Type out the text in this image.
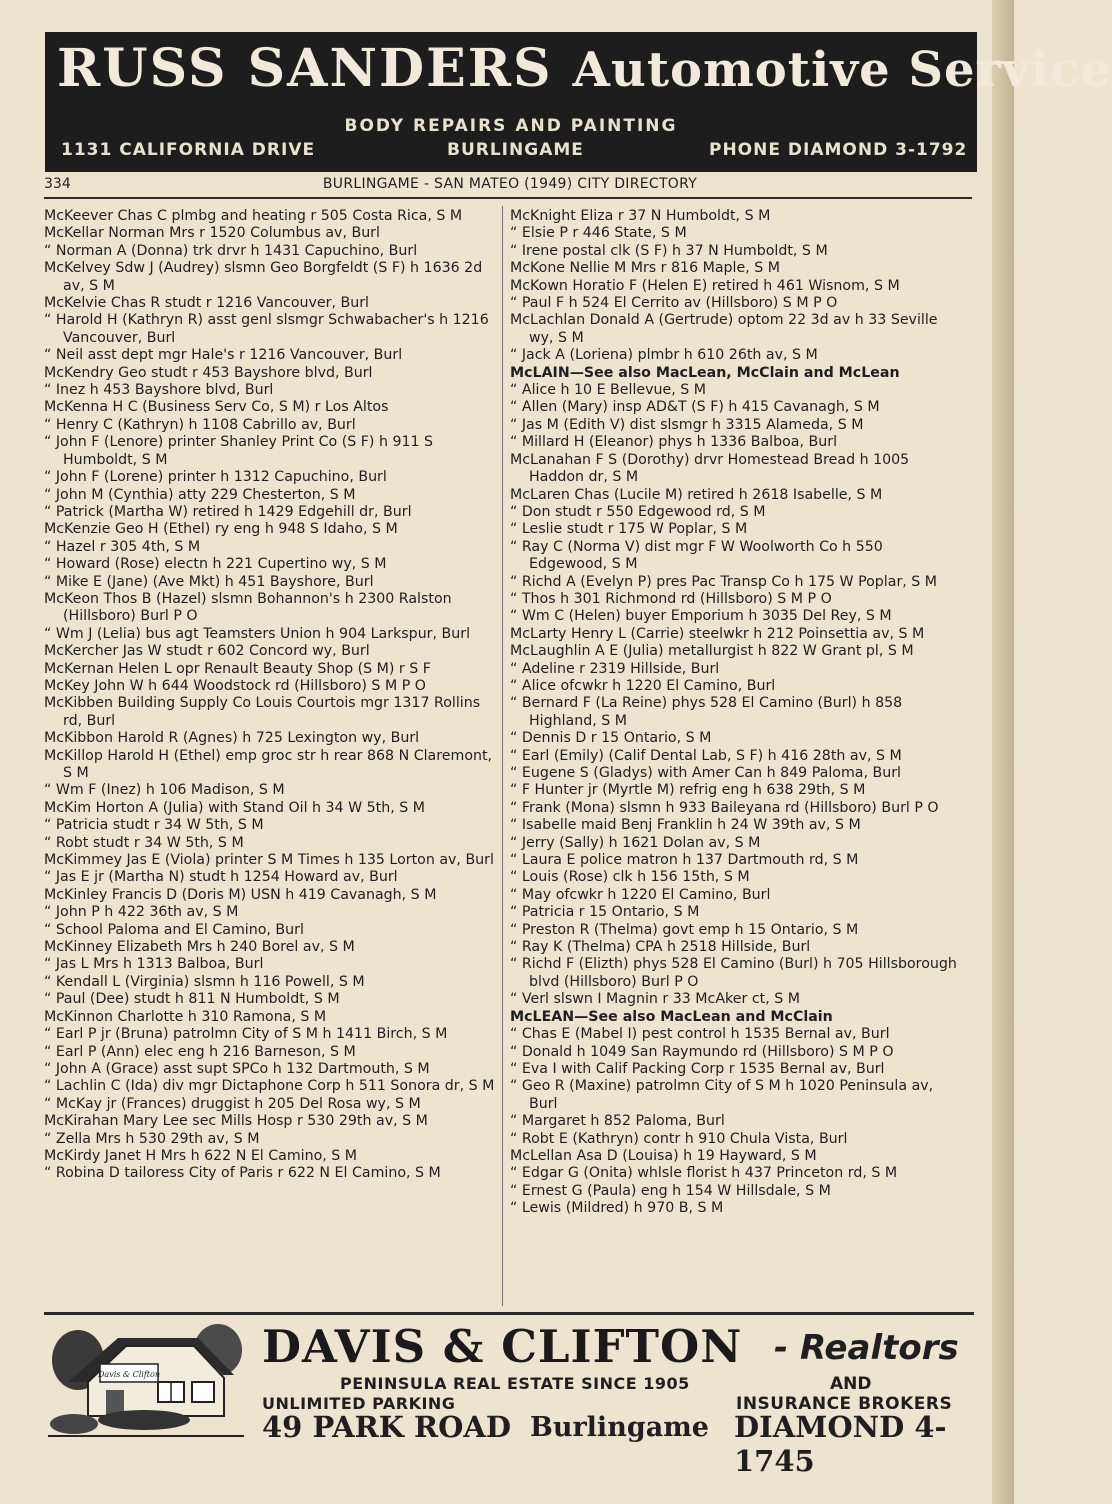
RUSS SANDERS Automotive Service
BODY REPAIRS AND PAINTING
1131 CALIFORNIA DRIVE	BURLINGAME	PHONE DIAMOND 3-1792
334	BURLINGAME - SAN MATEO (1949) CITY DIRECTORY
McKeever Chas C plmbg and heating r 505 Costa Rica, S M
McKellar Norman Mrs r 1520 Columbus av, Burl
“ Norman A (Donna) trk drvr h 1431 Capuchino, Burl
McKelvey Sdw J (Audrey) slsmn Geo Borgfeldt (S F) h 1636 2d av, S M
McKelvie Chas R studt r 1216 Vancouver, Burl
“ Harold H (Kathryn R) asst genl slsmgr Schwabacher's h 1216 Vancouver, Burl
“ Neil asst dept mgr Hale's r 1216 Vancouver, Burl
McKendry Geo studt r 453 Bayshore blvd, Burl
“ Inez h 453 Bayshore blvd, Burl
McKenna H C (Business Serv Co, S M) r Los Altos
“ Henry C (Kathryn) h 1108 Cabrillo av, Burl
“ John F (Lenore) printer Shanley Print Co (S F) h 911 S Humboldt, S M
“ John F (Lorene) printer h 1312 Capuchino, Burl
“ John M (Cynthia) atty 229 Chesterton, S M
“ Patrick (Martha W) retired h 1429 Edgehill dr, Burl
McKenzie Geo H (Ethel) ry eng h 948 S Idaho, S M
“ Hazel r 305 4th, S M
“ Howard (Rose) electn h 221 Cupertino wy, S M
“ Mike E (Jane) (Ave Mkt) h 451 Bayshore, Burl
McKeon Thos B (Hazel) slsmn Bohannon's h 2300 Ralston (Hillsboro) Burl P O
“ Wm J (Lelia) bus agt Teamsters Union h 904 Larkspur, Burl
McKercher Jas W studt r 602 Concord wy, Burl
McKernan Helen L opr Renault Beauty Shop (S M) r S F
McKey John W h 644 Woodstock rd (Hillsboro) S M P O
McKibben Building Supply Co Louis Courtois mgr 1317 Rollins rd, Burl
McKibbon Harold R (Agnes) h 725 Lexington wy, Burl
McKillop Harold H (Ethel) emp groc str h rear 868 N Claremont, S M
“ Wm F (Inez) h 106 Madison, S M
McKim Horton A (Julia) with Stand Oil h 34 W 5th, S M
“ Patricia studt r 34 W 5th, S M
“ Robt studt r 34 W 5th, S M
McKimmey Jas E (Viola) printer S M Times h 135 Lorton av, Burl
“ Jas E jr (Martha N) studt h 1254 Howard av, Burl
McKinley Francis D (Doris M) USN h 419 Cavanagh, S M
“ John P h 422 36th av, S M
“ School Paloma and El Camino, Burl
McKinney Elizabeth Mrs h 240 Borel av, S M
“ Jas L Mrs h 1313 Balboa, Burl
“ Kendall L (Virginia) slsmn h 116 Powell, S M
“ Paul (Dee) studt h 811 N Humboldt, S M
McKinnon Charlotte h 310 Ramona, S M
“ Earl P jr (Bruna) patrolmn City of S M h 1411 Birch, S M
“ Earl P (Ann) elec eng h 216 Barneson, S M
“ John A (Grace) asst supt SPCo h 132 Dartmouth, S M
“ Lachlin C (Ida) div mgr Dictaphone Corp h 511 Sonora dr, S M
“ McKay jr (Frances) druggist h 205 Del Rosa wy, S M
McKirahan Mary Lee sec Mills Hosp r 530 29th av, S M
“ Zella Mrs h 530 29th av, S M
McKirdy Janet H Mrs h 622 N El Camino, S M
“ Robina D tailoress City of Paris r 622 N El Camino, S M
McKnight Eliza r 37 N Humboldt, S M
“ Elsie P r 446 State, S M
“ Irene postal clk (S F) h 37 N Humboldt, S M
McKone Nellie M Mrs r 816 Maple, S M
McKown Horatio F (Helen E) retired h 461 Wisnom, S M
“ Paul F h 524 El Cerrito av (Hillsboro) S M P O
McLachlan Donald A (Gertrude) optom 22 3d av h 33 Seville wy, S M
“ Jack A (Loriena) plmbr h 610 26th av, S M
McLAIN—See also MacLean, McClain and McLean
“ Alice h 10 E Bellevue, S M
“ Allen (Mary) insp AD&T (S F) h 415 Cavanagh, S M
“ Jas M (Edith V) dist slsmgr h 3315 Alameda, S M
“ Millard H (Eleanor) phys h 1336 Balboa, Burl
McLanahan F S (Dorothy) drvr Homestead Bread h 1005 Haddon dr, S M
McLaren Chas (Lucile M) retired h 2618 Isabelle, S M
“ Don studt r 550 Edgewood rd, S M
“ Leslie studt r 175 W Poplar, S M
“ Ray C (Norma V) dist mgr F W Woolworth Co h 550 Edgewood, S M
“ Richd A (Evelyn P) pres Pac Transp Co h 175 W Poplar, S M
“ Thos h 301 Richmond rd (Hillsboro) S M P O
“ Wm C (Helen) buyer Emporium h 3035 Del Rey, S M
McLarty Henry L (Carrie) steelwkr h 212 Poinsettia av, S M
McLaughlin A E (Julia) metallurgist h 822 W Grant pl, S M
“ Adeline r 2319 Hillside, Burl
“ Alice ofcwkr h 1220 El Camino, Burl
“ Bernard F (La Reine) phys 528 El Camino (Burl) h 858 Highland, S M
“ Dennis D r 15 Ontario, S M
“ Earl (Emily) (Calif Dental Lab, S F) h 416 28th av, S M
“ Eugene S (Gladys) with Amer Can h 849 Paloma, Burl
“ F Hunter jr (Myrtle M) refrig eng h 638 29th, S M
“ Frank (Mona) slsmn h 933 Baileyana rd (Hillsboro) Burl P O
“ Isabelle maid Benj Franklin h 24 W 39th av, S M
“ Jerry (Sally) h 1621 Dolan av, S M
“ Laura E police matron h 137 Dartmouth rd, S M
“ Louis (Rose) clk h 156 15th, S M
“ May ofcwkr h 1220 El Camino, Burl
“ Patricia r 15 Ontario, S M
“ Preston R (Thelma) govt emp h 15 Ontario, S M
“ Ray K (Thelma) CPA h 2518 Hillside, Burl
“ Richd F (Elizth) phys 528 El Camino (Burl) h 705 Hillsborough blvd (Hillsboro) Burl P O
“ Verl slswn I Magnin r 33 McAker ct, S M
McLEAN—See also MacLean and McClain
“ Chas E (Mabel I) pest control h 1535 Bernal av, Burl
“ Donald h 1049 San Raymundo rd (Hillsboro) S M P O
“ Eva I with Calif Packing Corp r 1535 Bernal av, Burl
“ Geo R (Maxine) patrolmn City of S M h 1020 Peninsula av, Burl
“ Margaret h 852 Paloma, Burl
“ Robt E (Kathryn) contr h 910 Chula Vista, Burl
McLellan Asa D (Louisa) h 19 Hayward, S M
“ Edgar G (Onita) whlsle florist h 437 Princeton rd, S M
“ Ernest G (Paula) eng h 154 W Hillsdale, S M
“ Lewis (Mildred) h 970 B, S M
Davis & Clifton
DAVIS & CLIFTON - Realtors
PENINSULA REAL ESTATE SINCE 1905	AND
UNLIMITED PARKING	INSURANCE BROKERS
49 PARK ROAD Burlingame DIAMOND 4-1745
